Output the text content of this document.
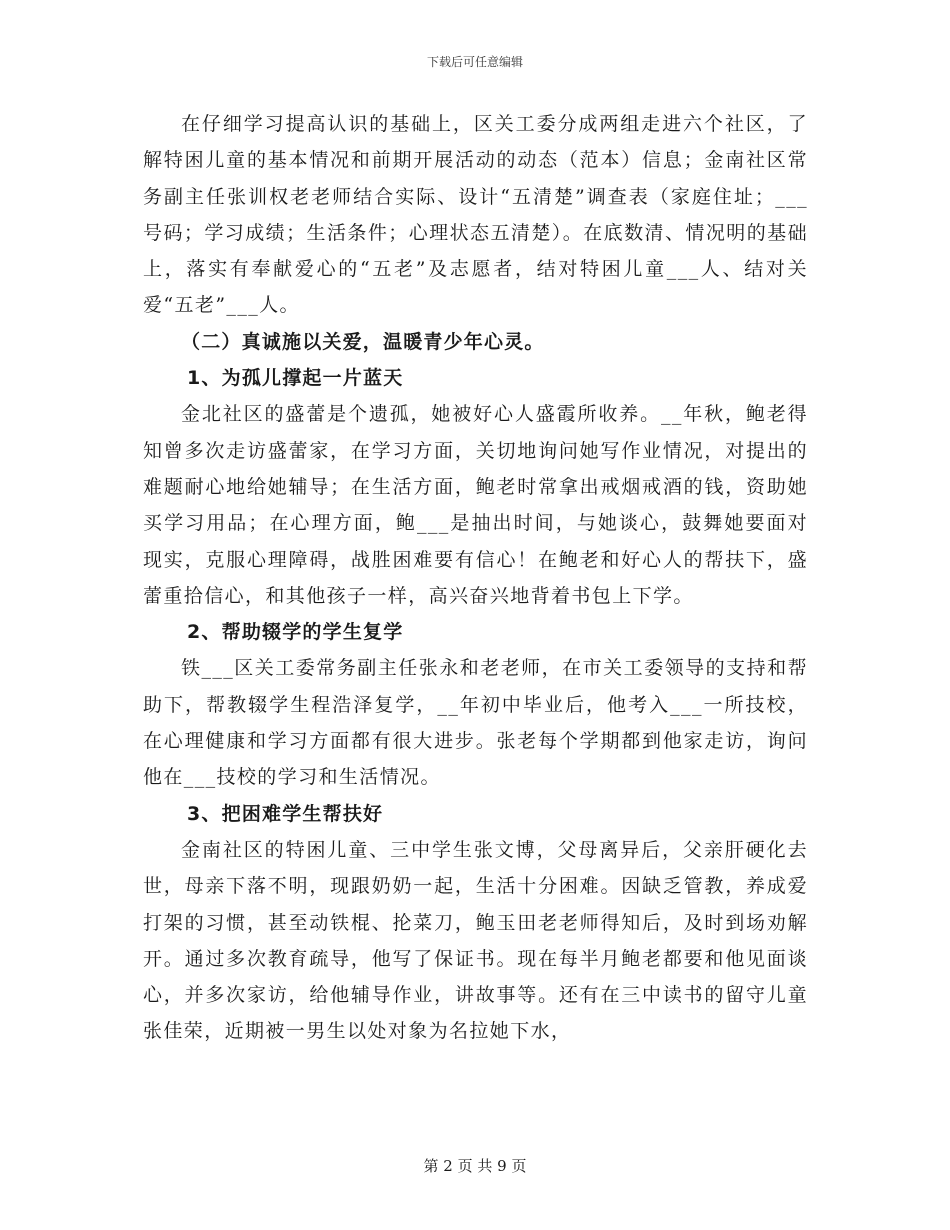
下载后可任意编辑

在仔细学习提高认识的基础上，区关工委分成两组走进六个社区，了解特困儿童的基本情况和前期开展活动的动态（范本）信息；金南社区常务副主任张训权老老师结合实际、设计“五清楚”调查表（家庭住址；___号码；学习成绩；生活条件；心理状态五清楚）。在底数清、情况明的基础上，落实有奉献爱心的“五老”及志愿者，结对特困儿童___人、结对关爱“五老”___人。

（二）真诚施以关爱，温暖青少年心灵。

1、为孤儿撑起一片蓝天

金北社区的盛蕾是个遗孤，她被好心人盛霞所收养。__年秋，鲍老得知曾多次走访盛蕾家，在学习方面，关切地询问她写作业情况，对提出的难题耐心地给她辅导；在生活方面，鲍老时常拿出戒烟戒酒的钱，资助她买学习用品；在心理方面，鲍___是抽出时间，与她谈心，鼓舞她要面对现实，克服心理障碍，战胜困难要有信心！在鲍老和好心人的帮扶下，盛蕾重拾信心，和其他孩子一样，高兴奋兴地背着书包上下学。

2、帮助辍学的学生复学

铁___区关工委常务副主任张永和老老师，在市关工委领导的支持和帮助下，帮教辍学生程浩泽复学，__年初中毕业后，他考入___一所技校，在心理健康和学习方面都有很大进步。张老每个学期都到他家走访，询问他在___技校的学习和生活情况。

3、把困难学生帮扶好

金南社区的特困儿童、三中学生张文博，父母离异后，父亲肝硬化去世，母亲下落不明，现跟奶奶一起，生活十分困难。因缺乏管教，养成爱打架的习惯，甚至动铁棍、抡菜刀，鲍玉田老老师得知后，及时到场劝解开。通过多次教育疏导，他写了保证书。现在每半月鲍老都要和他见面谈心，并多次家访，给他辅导作业，讲故事等。还有在三中读书的留守儿童张佳荣，近期被一男生以处对象为名拉她下水，

第 2 页 共 9 页
